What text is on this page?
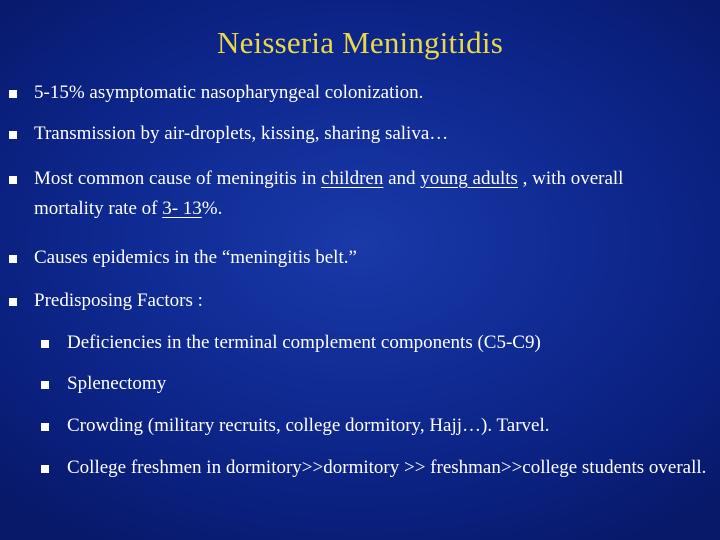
Neisseria Meningitidis
5-15% asymptomatic nasopharyngeal colonization.
Transmission by air-droplets, kissing, sharing saliva…
Most common cause of meningitis in children and young adults , with overall mortality rate of 3- 13%.
Causes epidemics in the “meningitis belt.”
Predisposing Factors :
Deficiencies in the terminal complement components (C5-C9)
Splenectomy
Crowding (military recruits, college dormitory, Hajj…). Tarvel.
College freshmen in dormitory>>dormitory >> freshman>>college students overall.
